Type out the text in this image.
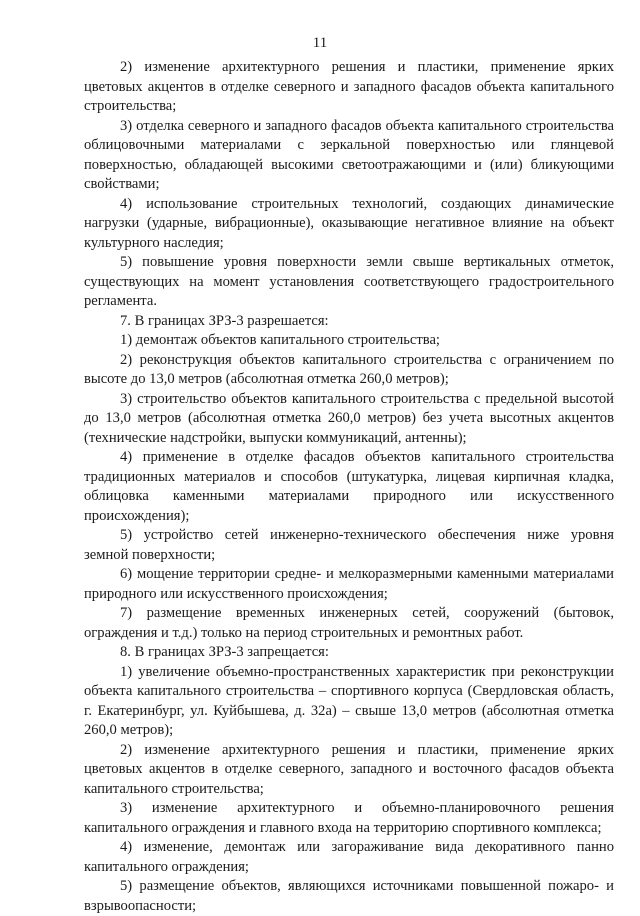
11

2) изменение архитектурного решения и пластики, применение ярких цветовых акцентов в отделке северного и западного фасадов объекта капитального строительства;

3) отделка северного и западного фасадов объекта капитального строительства облицовочными материалами с зеркальной поверхностью или глянцевой поверхностью, обладающей высокими светоотражающими и (или) бликующими свойствами;

4) использование строительных технологий, создающих динамические нагрузки (ударные, вибрационные), оказывающие негативное влияние на объект культурного наследия;

5) повышение уровня поверхности земли свыше вертикальных отметок, существующих на момент установления соответствующего градостроительного регламента.

7. В границах ЗРЗ-3 разрешается:

1) демонтаж объектов капитального строительства;

2) реконструкция объектов капитального строительства с ограничением по высоте до 13,0 метров (абсолютная отметка 260,0 метров);

3) строительство объектов капитального строительства с предельной высотой до 13,0 метров (абсолютная отметка 260,0 метров) без учета высотных акцентов (технические надстройки, выпуски коммуникаций, антенны);

4) применение в отделке фасадов объектов капитального строительства традиционных материалов и способов (штукатурка, лицевая кирпичная кладка, облицовка каменными материалами природного или искусственного происхождения);

5) устройство сетей инженерно-технического обеспечения ниже уровня земной поверхности;

6) мощение территории средне- и мелкоразмерными каменными материалами природного или искусственного происхождения;

7) размещение временных инженерных сетей, сооружений (бытовок, ограждения и т.д.) только на период строительных и ремонтных работ.

8. В границах ЗРЗ-3 запрещается:

1) увеличение объемно-пространственных характеристик при реконструкции объекта капитального строительства – спортивного корпуса (Свердловская область, г. Екатеринбург, ул. Куйбышева, д. 32а) – свыше 13,0 метров (абсолютная отметка 260,0 метров);

2) изменение архитектурного решения и пластики, применение ярких цветовых акцентов в отделке северного, западного и восточного фасадов объекта капитального строительства;

3) изменение архитектурного и объемно-планировочного решения капитального ограждения и главного входа на территорию спортивного комплекса;

4) изменение, демонтаж или загораживание вида декоративного панно капитального ограждения;

5) размещение объектов, являющихся источниками повышенной пожаро- и взрывоопасности;
